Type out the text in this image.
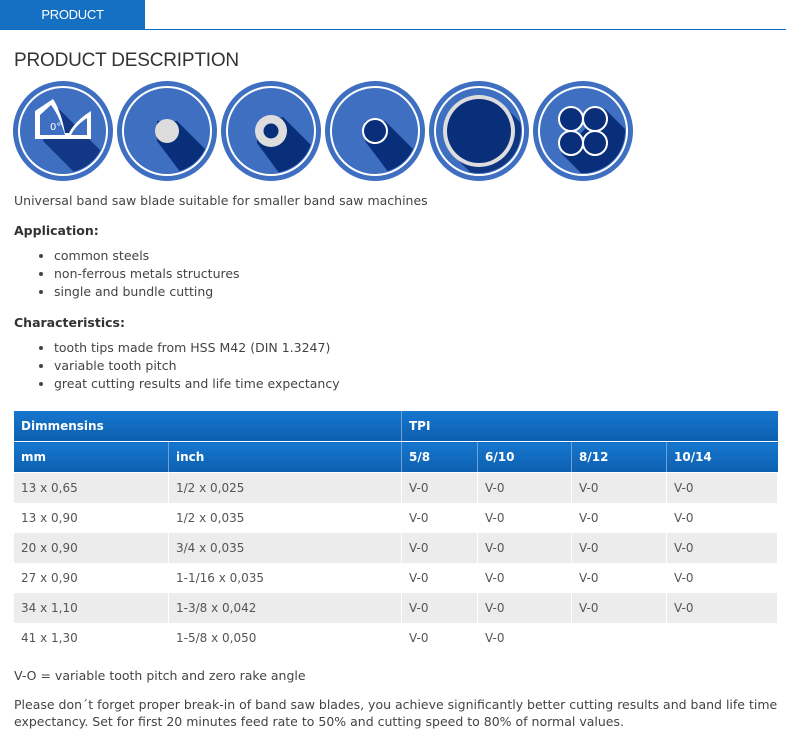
PRODUCT DESCRIPTION
PRODUCT DESCRIPTION
0°

Universal band saw blade suitable for smaller band saw machines

Application:

• common steels
• non-ferrous metals structures
• single and bundle cutting

Characteristics:

• tooth tips made from HSS M42 (DIN 1.3247)
• variable tooth pitch
• great cutting results and life time expectancy
Dimmensins		TPI			
mm	inch	5/8	6/10	8/12	10/14
13 x 0,65	1/2 x 0,025	V-0	V-0	V-0	V-0
13 x 0,90	1/2 x 0,035	V-0	V-0	V-0	V-0
20 x 0,90	3/4 x 0,035	V-0	V-0	V-0	V-0
27 x 0,90	1-1/16 x 0,035	V-0	V-0	V-0	V-0
34 x 1,10	1-3/8 x 0,042	V-0	V-0	V-0	V-0
41 x 1,30	1-5/8 x 0,050	V-0	V-0		

V-O = variable tooth pitch and zero rake angle

Please don´t forget proper break-in of band saw blades, you achieve significantly better cutting results and band life time expectancy. Set for first 20 minutes feed rate to 50% and cutting speed to 80% of normal values.
